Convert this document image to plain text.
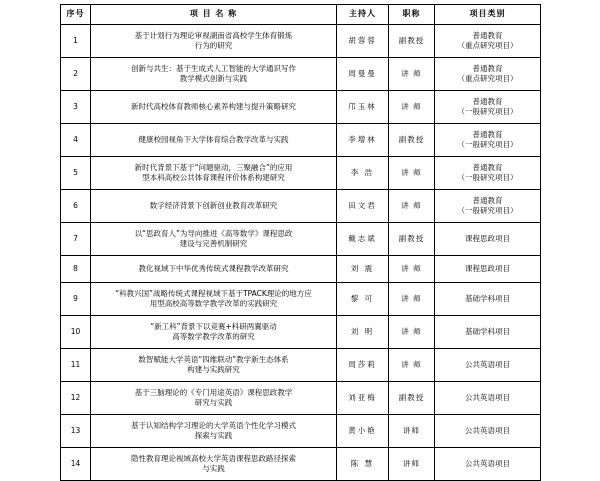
序号	项 目 名 称	主持人	职称	项目类别
1	基于计划行为理论审视湖南省高校学生体育锻炼
行为的研究	胡蓉蓉	副教授	普通教育
（重点研究项目）

2	创新与共生：基于生成式人工智能的大学通识写作
教学模式创新与实践	周曼曼	讲 师	普通教育
（重点研究项目）

3	新时代高校体育教师核心素养构建与提升策略研究	邝玉林	讲 师	普通教育
（一般研究项目）

4	健康校园视角下大学体育综合教学改革与实践	李增林	副教授	普通教育
（一般研究项目）

5	新时代背景下基于“问题驱动，三聚融合”的应用
型本科高校公共体育课程评价体系构建研究	李 浩	讲 师	普通教育
（一般研究项目）

6	数字经济背景下创新创业教育改革研究	田文君	讲 师	普通教育
（一般研究项目）

7	以“思政育人”为导向推进《高等数学》课程思政
建设与完善机制研究	戴志斌	副教授	课程思政项目

8	教化视域下中华优秀传统式课程教学改革研究	刘 震	讲 师	课程思政项目

9	“科教兴国”战略传统式课程视域下基于TPACK理论的地方应
用型高校高等数学教学改革的实践研究	黎 可	讲 师	基础学科项目

10	“新工科”背景下以竞赛+科研两翼驱动
高等数学教学改革的研究	刘 明	讲 师	基础学科项目

11	数智赋能大学英语“四维联动”教学新生态体系
构建与实践研究	周莎莉	讲 师	公共英语项目

12	基于三脑理论的《专门用途英语》课程思政教学
研究与实践	刘亚梅	副教授	公共英语项目

13	基于认知结构学习理论的大学英语个性化学习模式
探索与实践	黄小艳	讲师	公共英语项目

14	隐性教育理论视域高校大学英语课程思政路径探索
与实践	陈 慧	讲师	公共英语项目
